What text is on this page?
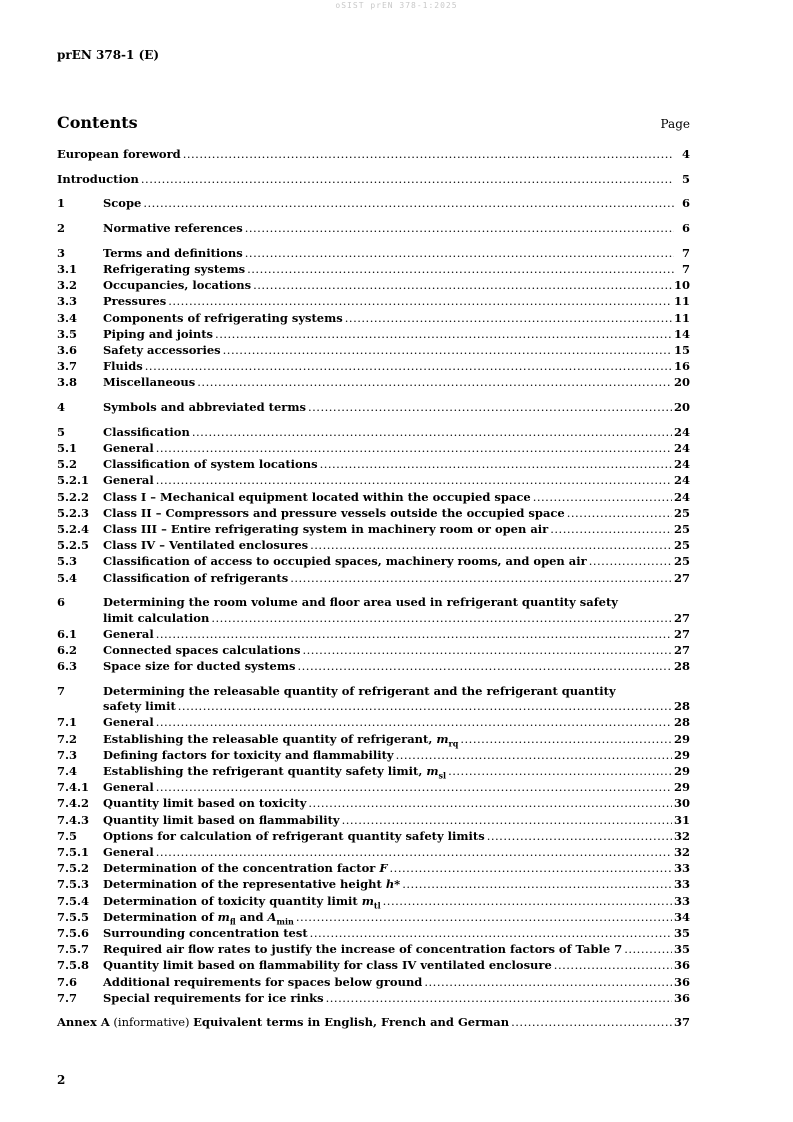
oSIST prEN 378-1:2025
prEN 378-1 (E)
Contents	Page
European foreword .....	4
Introduction .....	5
1	Scope .....	6
2	Normative references .....	6
3	Terms and definitions .....	7
3.1	Refrigerating systems .....	7
3.2	Occupancies, locations .....	10
3.3	Pressures .....	11
3.4	Components of refrigerating systems .....	11
3.5	Piping and joints .....	14
3.6	Safety accessories .....	15
3.7	Fluids .....	16
3.8	Miscellaneous .....	20
4	Symbols and abbreviated terms .....	20
5	Classification .....	24
5.1	General .....	24
5.2	Classification of system locations .....	24
5.2.1	General .....	24
5.2.2	Class I – Mechanical equipment located within the occupied space .....	24
5.2.3	Class II – Compressors and pressure vessels outside the occupied space .....	25
5.2.4	Class III – Entire refrigerating system in machinery room or open air .....	25
5.2.5	Class IV – Ventilated enclosures .....	25
5.3	Classification of access to occupied spaces, machinery rooms, and open air .....	25
5.4	Classification of refrigerants .....	27
6	Determining the room volume and floor area used in refrigerant quantity safety
limit calculation .....	27
6.1	General .....	27
6.2	Connected spaces calculations .....	27
6.3	Space size for ducted systems .....	28
7	Determining the releasable quantity of refrigerant and the refrigerant quantity
safety limit .....	28
7.1	General .....	28
7.2	Establishing the releasable quantity of refrigerant, $m_{rq}$ .....	29
7.3	Defining factors for toxicity and flammability .....	29
7.4	Establishing the refrigerant quantity safety limit, $m_{sl}$ .....	29
7.4.1	General .....	29
7.4.2	Quantity limit based on toxicity .....	30
7.4.3	Quantity limit based on flammability .....	31
7.5	Options for calculation of refrigerant quantity safety limits .....	32
7.5.1	General .....	32
7.5.2	Determination of the concentration factor F .....	33
7.5.3	Determination of the representative height h* .....	33
7.5.4	Determination of toxicity quantity limit $m_{tl}$ .....	33
7.5.5	Determination of $m_{fl}$ and $A_{min}$ .....	34
7.5.6	Surrounding concentration test .....	35
7.5.7	Required air flow rates to justify the increase of concentration factors of Table 7 .....	35
7.5.8	Quantity limit based on flammability for class IV ventilated enclosure .....	36
7.6	Additional requirements for spaces below ground .....	36
7.7	Special requirements for ice rinks .....	36
Annex A (informative) Equivalent terms in English, French and German .....	37
2
